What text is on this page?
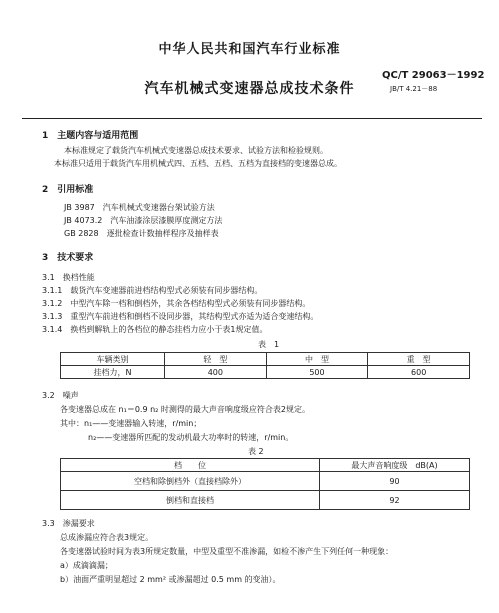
中华人民共和国汽车行业标准
QC/T 29063－1992
汽车机械式变速器总成技术条件	JB/T 4.21－88
1　主题内容与适用范围
本标准规定了载货汽车机械式变速器总成技术要求、试验方法和检验规则。
本标准只适用于载货汽车用机械式四、五档、五档、五档为直接档的变速器总成。
2　引用标准
JB 3987　汽车机械式变速器台架试验方法
JB 4073.2　汽车油漆涂层漆膜厚度测定方法
GB 2828　逐批检查计数抽样程序及抽样表
3　技术要求
3.1　换档性能
3.1.1　载货汽车变速器前进档结构型式必须装有同步器结构。
3.1.2　中型汽车除一档和倒档外，其余各档结构型式必须装有同步器结构。
3.1.3　重型汽车前进档和倒档不设同步器，其结构型式亦适为适合变速结构。
3.1.4　换档到解轨上的各档位的静态挂档力应小于表1规定值。
表　1
车辆类别	轻　型	中　型	重　型
挂档力，N	400	500	600
3.2　噪声
各变速器总成在 n₁＝0.9 n₂ 时测得的最大声音响度级应符合表2规定。
其中：n₁——变速器输入转速，r/min；
n₂——变速器所匹配的发动机最大功率时的转速，r/min。
表 2
档　　位	最大声音响度级　dB(A)
空档和除倒档外（直接档除外）	90
倒档和直接档	92
3.3　渗漏要求
总成渗漏应符合表3规定。
各变速器试验时间为表3所规定数量，中型及重型不准渗漏，如检不渗产生下列任何一种现象：
a）成滴滴漏；
b）油面严重明显超过 2 mm² 或渗漏超过 0.5 mm 的变油）。
